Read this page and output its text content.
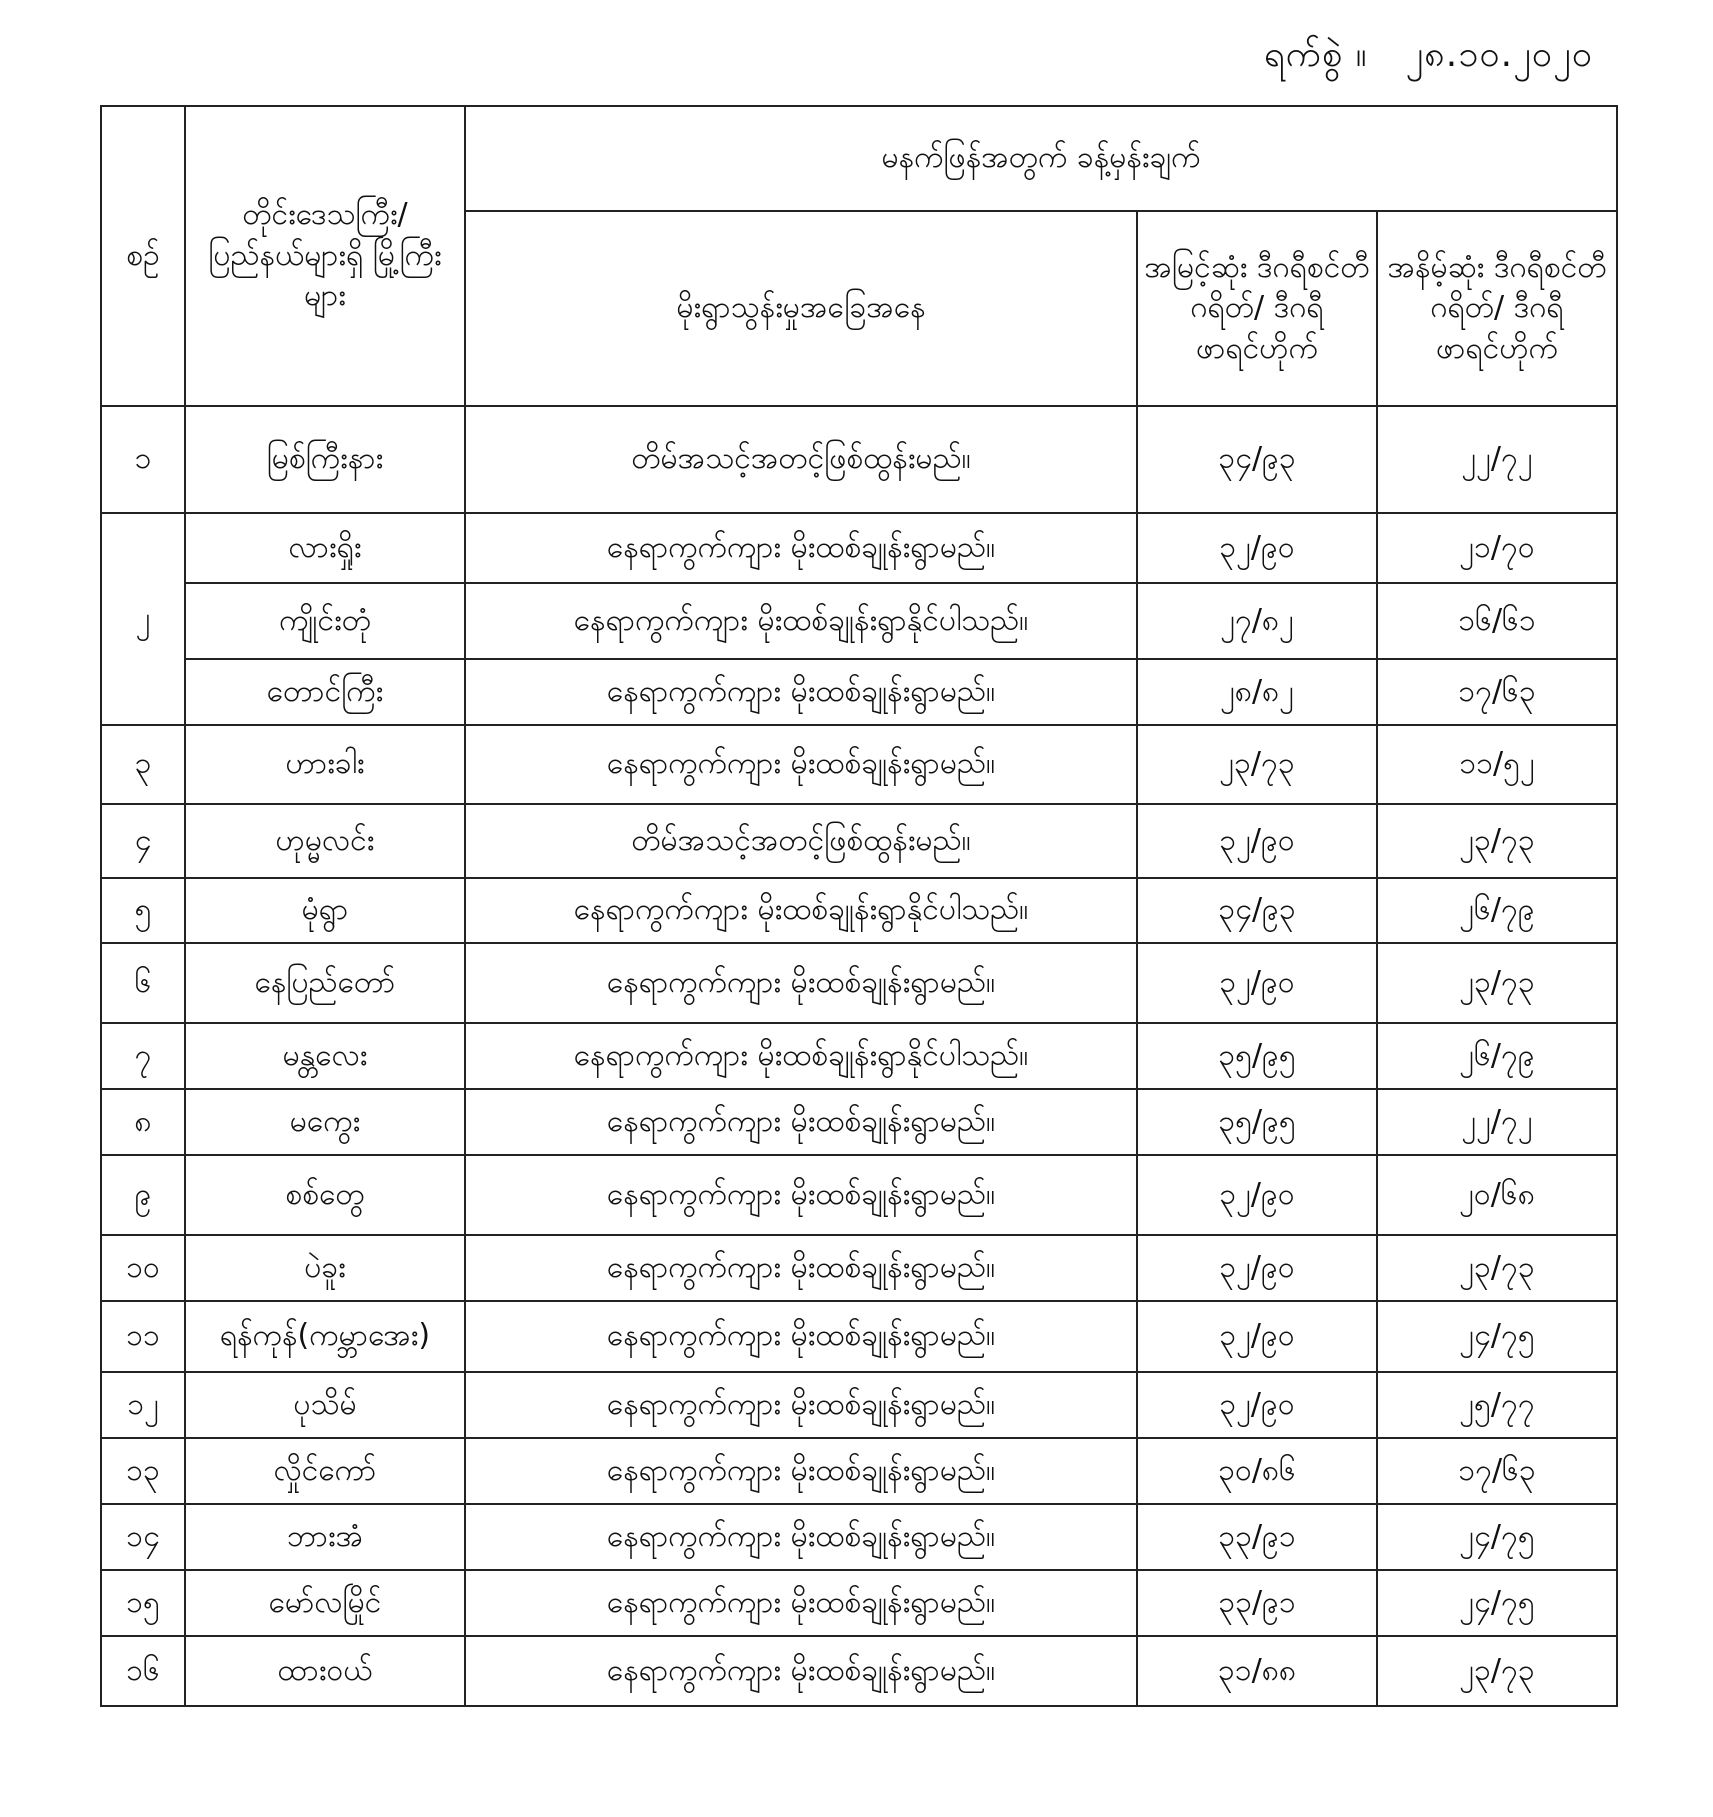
ရက်စွဲ ။ ၂၈.၁၀.၂၀၂၀
စဉ်	တိုင်းဒေသကြီး/ ပြည်နယ်များရှိ မြို့ကြီးများ	မနက်ဖြန်အတွက် ခန့်မှန်းချက်		
		မိုးရွာသွန်းမှုအခြေအနေ	အမြင့်ဆုံး ဒီဂရီစင်တီဂရိတ်/ ဒီဂရီဖာရင်ဟိုက်	အနိမ့်ဆုံး ဒီဂရီစင်တီဂရိတ်/ ဒီဂရီဖာရင်ဟိုက်
၁	မြစ်ကြီးနား	တိမ်အသင့်အတင့်ဖြစ်ထွန်းမည်။	၃၄/၉၃	၂၂/၇၂
၂	လားရှိုး	နေရာကွက်ကျား မိုးထစ်ချုန်းရွာမည်။	၃၂/၉၀	၂၁/၇၀
	ကျိုင်းတုံ	နေရာကွက်ကျား မိုးထစ်ချုန်းရွာနိုင်ပါသည်။	၂၇/၈၂	၁၆/၆၁
	တောင်ကြီး	နေရာကွက်ကျား မိုးထစ်ချုန်းရွာမည်။	၂၈/၈၂	၁၇/၆၃
၃	ဟားခါး	နေရာကွက်ကျား မိုးထစ်ချုန်းရွာမည်။	၂၃/၇၃	၁၁/၅၂
၄	ဟုမ္မလင်း	တိမ်အသင့်အတင့်ဖြစ်ထွန်းမည်။	၃၂/၉၀	၂၃/၇၃
၅	မုံရွာ	နေရာကွက်ကျား မိုးထစ်ချုန်းရွာနိုင်ပါသည်။	၃၄/၉၃	၂၆/၇၉
၆	နေပြည်တော်	နေရာကွက်ကျား မိုးထစ်ချုန်းရွာမည်။	၃၂/၉၀	၂၃/၇၃
၇	မန္တလေး	နေရာကွက်ကျား မိုးထစ်ချုန်းရွာနိုင်ပါသည်။	၃၅/၉၅	၂၆/၇၉
၈	မကွေး	နေရာကွက်ကျား မိုးထစ်ချုန်းရွာမည်။	၃၅/၉၅	၂၂/၇၂
၉	စစ်တွေ	နေရာကွက်ကျား မိုးထစ်ချုန်းရွာမည်။	၃၂/၉၀	၂၀/၆၈
၁၀	ပဲခူး	နေရာကွက်ကျား မိုးထစ်ချုန်းရွာမည်။	၃၂/၉၀	၂၃/၇၃
၁၁	ရန်ကုန်(ကမ္ဘာအေး)	နေရာကွက်ကျား မိုးထစ်ချုန်းရွာမည်။	၃၂/၉၀	၂၄/၇၅
၁၂	ပုသိမ်	နေရာကွက်ကျား မိုးထစ်ချုန်းရွာမည်။	၃၂/၉၀	၂၅/၇၇
၁၃	လှိုင်ကော်	နေရာကွက်ကျား မိုးထစ်ချုန်းရွာမည်။	၃၀/၈၆	၁၇/၆၃
၁၄	ဘားအံ	နေရာကွက်ကျား မိုးထစ်ချုန်းရွာမည်။	၃၃/၉၁	၂၄/၇၅
၁၅	မော်လမြိုင်	နေရာကွက်ကျား မိုးထစ်ချုန်းရွာမည်။	၃၃/၉၁	၂၄/၇၅
၁၆	ထားဝယ်	နေရာကွက်ကျား မိုးထစ်ချုန်းရွာမည်။	၃၁/၈၈	၂၃/၇၃
